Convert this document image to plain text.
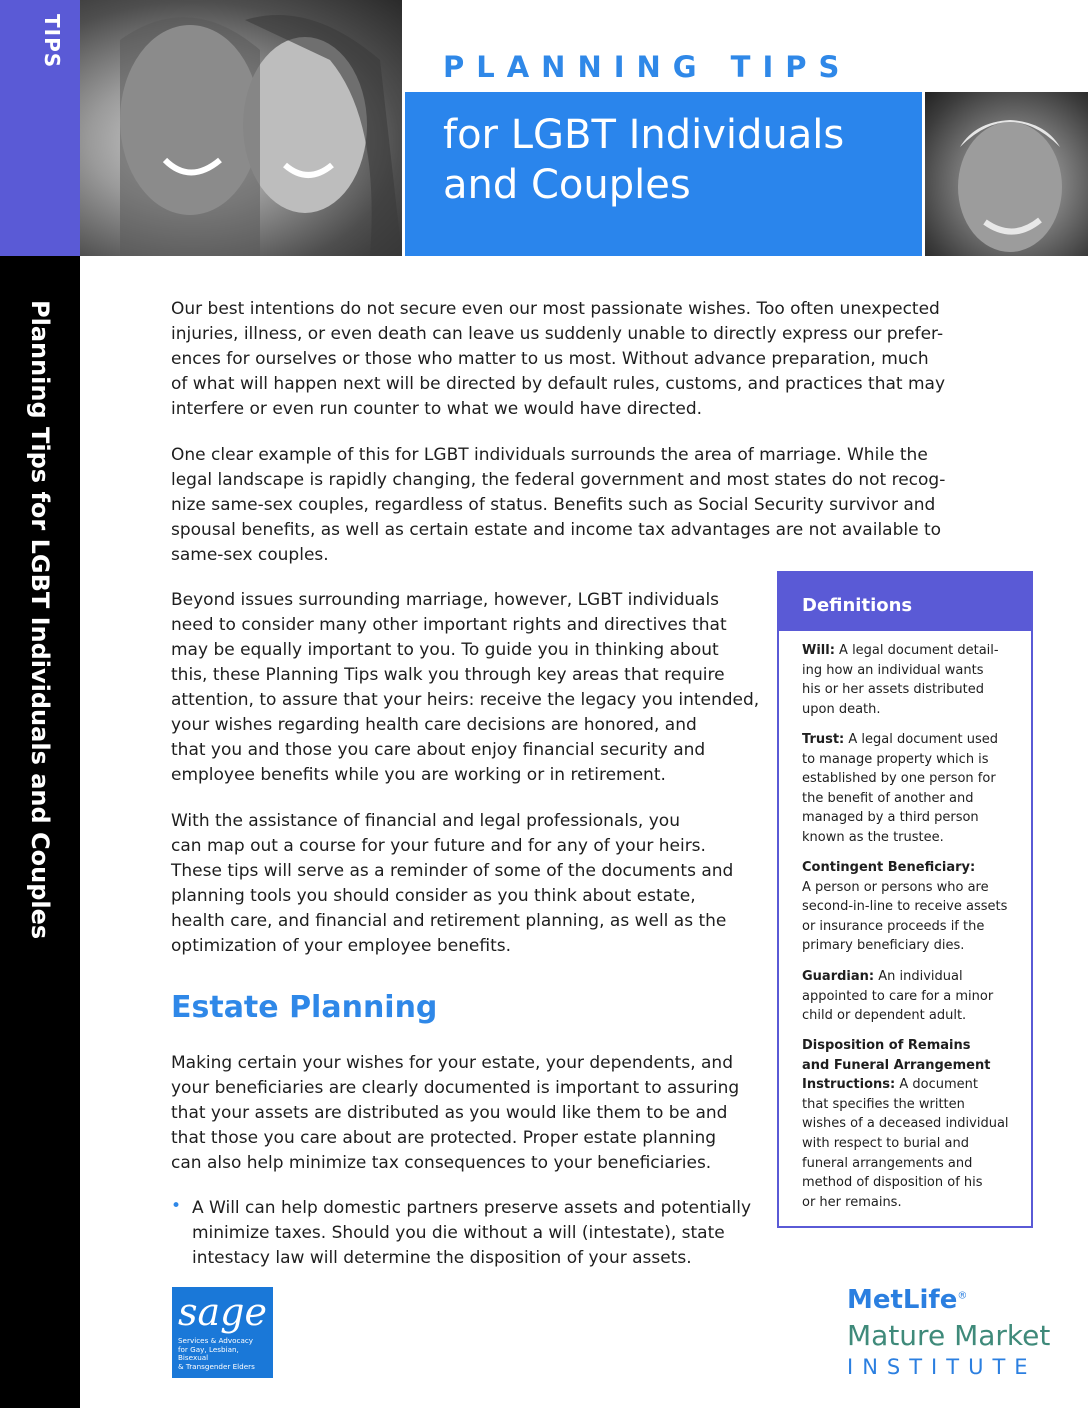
TIPS
Planning Tips for LGBT Individuals and Couples
PLANNING TIPS
for LGBT Individuals
and Couples

Our best intentions do not secure even our most passionate wishes. Too often unexpected
injuries, illness, or even death can leave us suddenly unable to directly express our prefer-
ences for ourselves or those who matter to us most. Without advance preparation, much
of what will happen next will be directed by default rules, customs, and practices that may
interfere or even run counter to what we would have directed.

One clear example of this for LGBT individuals surrounds the area of marriage. While the
legal landscape is rapidly changing, the federal government and most states do not recog-
nize same-sex couples, regardless of status. Benefits such as Social Security survivor and
spousal benefits, as well as certain estate and income tax advantages are not available to
same-sex couples.

Beyond issues surrounding marriage, however, LGBT individuals
need to consider many other important rights and directives that
may be equally important to you. To guide you in thinking about
this, these Planning Tips walk you through key areas that require
attention, to assure that your heirs: receive the legacy you intended,
your wishes regarding health care decisions are honored, and
that you and those you care about enjoy financial security and
employee benefits while you are working or in retirement.

With the assistance of financial and legal professionals, you
can map out a course for your future and for any of your heirs.
These tips will serve as a reminder of some of the documents and
planning tools you should consider as you think about estate,
health care, and financial and retirement planning, as well as the
optimization of your employee benefits.

Estate Planning

Making certain your wishes for your estate, your dependents, and
your beneficiaries are clearly documented is important to assuring
that your assets are distributed as you would like them to be and
that those you care about are protected. Proper estate planning
can also help minimize tax consequences to your beneficiaries.

• A Will can help domestic partners preserve assets and potentially
minimize taxes. Should you die without a will (intestate), state
intestacy law will determine the disposition of your assets.

Definitions

Will: A legal document detail-
ing how an individual wants
his or her assets distributed
upon death.

Trust: A legal document used
to manage property which is
established by one person for
the benefit of another and
managed by a third person
known as the trustee.

Contingent Beneficiary:
A person or persons who are
second-in-line to receive assets
or insurance proceeds if the
primary beneficiary dies.

Guardian: An individual
appointed to care for a minor
child or dependent adult.

Disposition of Remains
and Funeral Arrangement
Instructions: A document
that specifies the written
wishes of a deceased individual
with respect to burial and
funeral arrangements and
method of disposition of his
or her remains.

sage
Services & Advocacy
for Gay, Lesbian, Bisexual
& Transgender Elders
MetLife®
Mature Market
INSTITUTE
